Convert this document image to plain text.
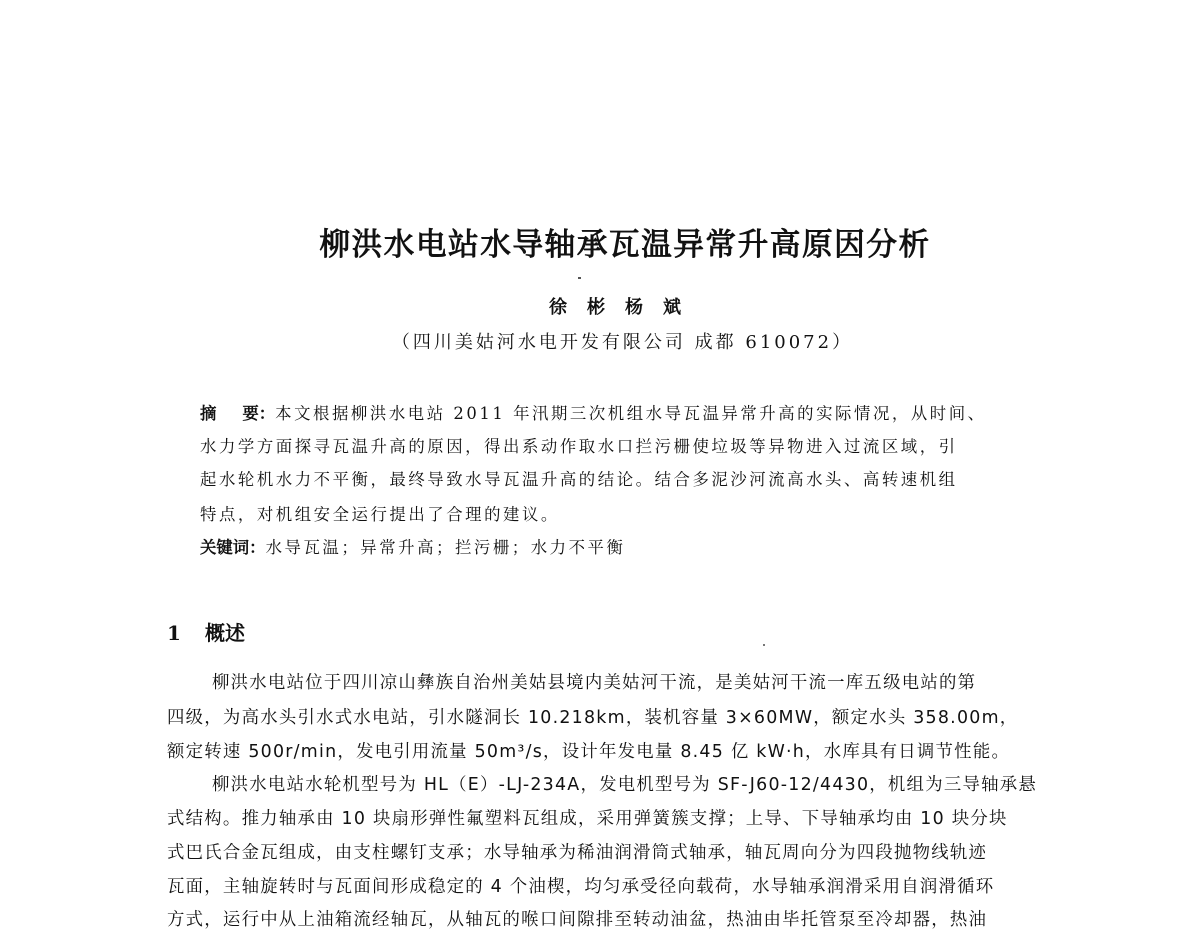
柳洪水电站水导轴承瓦温异常升高原因分析
徐彬杨斌
（四川美姑河水电开发有限公司 成都 610072）
摘 要：本文根据柳洪水电站 2011 年汛期三次机组水导瓦温异常升高的实际情况，从时间、
水力学方面探寻瓦温升高的原因，得出系动作取水口拦污栅使垃圾等异物进入过流区域，引
起水轮机水力不平衡，最终导致水导瓦温升高的结论。结合多泥沙河流高水头、高转速机组
特点，对机组安全运行提出了合理的建议。
关键词：水导瓦温；异常升高；拦污栅；水力不平衡
1 概述
柳洪水电站位于四川凉山彝族自治州美姑县境内美姑河干流，是美姑河干流一库五级电站的第
四级，为高水头引水式水电站，引水隧洞长 10.218km，装机容量 3×60MW，额定水头 358.00m，
额定转速 500r/min，发电引用流量 50m³/s，设计年发电量 8.45 亿 kW·h，水库具有日调节性能。
柳洪水电站水轮机型号为 HL（E）-LJ-234A，发电机型号为 SF-J60-12/4430，机组为三导轴承悬
式结构。推力轴承由 10 块扇形弹性氟塑料瓦组成，采用弹簧簇支撑；上导、下导轴承均由 10 块分块
式巴氏合金瓦组成，由支柱螺钉支承；水导轴承为稀油润滑筒式轴承，轴瓦周向分为四段抛物线轨迹
瓦面，主轴旋转时与瓦面间形成稳定的 4 个油楔，均匀承受径向载荷，水导轴承润滑采用自润滑循环
方式，运行中从上油箱流经轴瓦，从轴瓦的喉口间隙排至转动油盆，热油由毕托管泵至冷却器，热油
